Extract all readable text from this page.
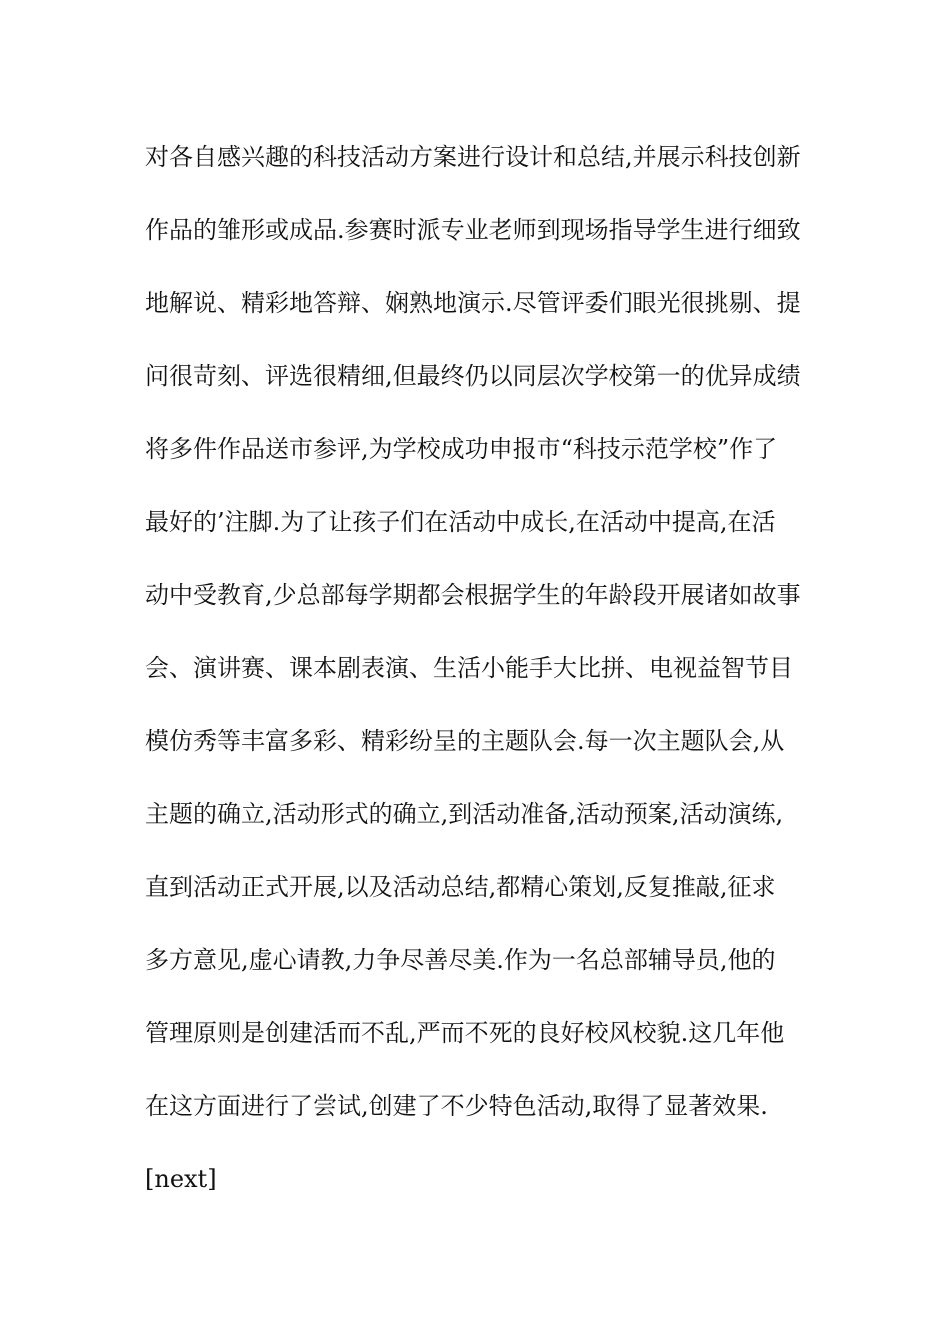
对各自感兴趣的科技活动方案进行设计和总结,并展示科技创新
作品的雏形或成品.参赛时派专业老师到现场指导学生进行细致
地解说、精彩地答辩、娴熟地演示.尽管评委们眼光很挑剔、提
问很苛刻、评选很精细,但最终仍以同层次学校第一的优异成绩
将多件作品送市参评,为学校成功申报市“科技示范学校”作了
最好的’注脚.为了让孩子们在活动中成长,在活动中提高,在活
动中受教育,少总部每学期都会根据学生的年龄段开展诸如故事
会、演讲赛、课本剧表演、生活小能手大比拼、电视益智节目
模仿秀等丰富多彩、精彩纷呈的主题队会.每一次主题队会,从
主题的确立,活动形式的确立,到活动准备,活动预案,活动演练,
直到活动正式开展,以及活动总结,都精心策划,反复推敲,征求
多方意见,虚心请教,力争尽善尽美.作为一名总部辅导员,他的
管理原则是创建活而不乱,严而不死的良好校风校貌.这几年他
在这方面进行了尝试,创建了不少特色活动,取得了显著效果.
[next]
